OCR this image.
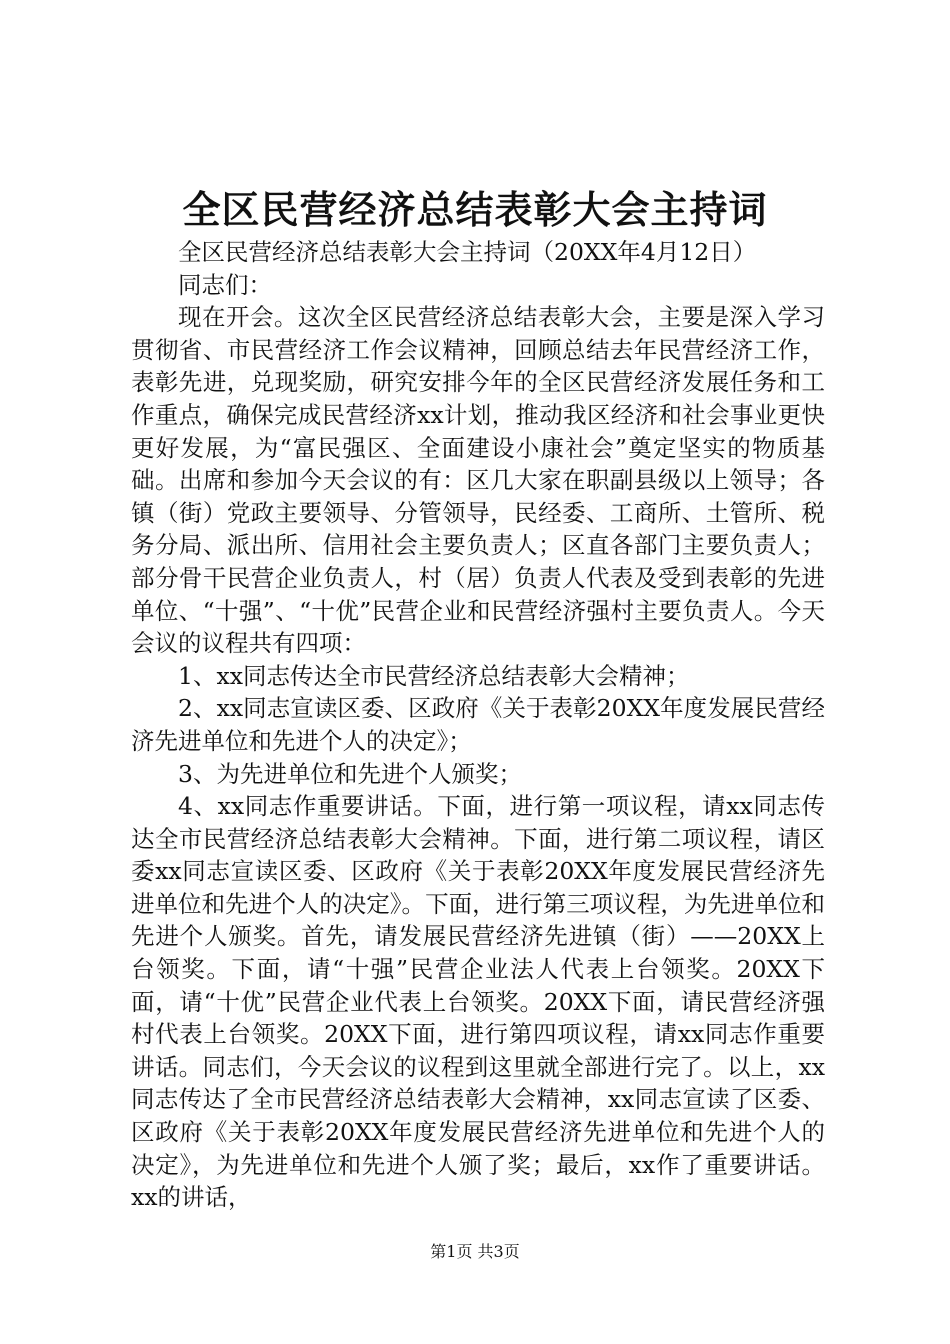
全区民营经济总结表彰大会主持词

全区民营经济总结表彰大会主持词（20XX年4月12日）

同志们：

现在开会。这次全区民营经济总结表彰大会，主要是深入学习贯彻省、市民营经济工作会议精神，回顾总结去年民营经济工作，表彰先进，兑现奖励，研究安排今年的全区民营经济发展任务和工作重点，确保完成民营经济xx计划，推动我区经济和社会事业更快更好发展，为“富民强区、全面建设小康社会”奠定坚实的物质基础。出席和参加今天会议的有：区几大家在职副县级以上领导；各镇（街）党政主要领导、分管领导，民经委、工商所、土管所、税务分局、派出所、信用社会主要负责人；区直各部门主要负责人；部分骨干民营企业负责人，村（居）负责人代表及受到表彰的先进单位、“十强”、“十优”民营企业和民营经济强村主要负责人。今天会议的议程共有四项：

1、xx同志传达全市民营经济总结表彰大会精神；

2、xx同志宣读区委、区政府《关于表彰20XX年度发展民营经济先进单位和先进个人的决定》；

3、为先进单位和先进个人颁奖；

4、xx同志作重要讲话。下面，进行第一项议程，请xx同志传达全市民营经济总结表彰大会精神。下面，进行第二项议程，请区委xx同志宣读区委、区政府《关于表彰20XX年度发展民营经济先进单位和先进个人的决定》。下面，进行第三项议程，为先进单位和先进个人颁奖。首先，请发展民营经济先进镇（街）——20XX上台领奖。下面，请“十强”民营企业法人代表上台领奖。20XX下面，请“十优”民营企业代表上台领奖。20XX下面，请民营经济强村代表上台领奖。20XX下面，进行第四项议程，请xx同志作重要讲话。同志们，今天会议的议程到这里就全部进行完了。以上，xx同志传达了全市民营经济总结表彰大会精神，xx同志宣读了区委、区政府《关于表彰20XX年度发展民营经济先进单位和先进个人的决定》，为先进单位和先进个人颁了奖；最后，xx作了重要讲话。xx的讲话，

第1页 共3页
